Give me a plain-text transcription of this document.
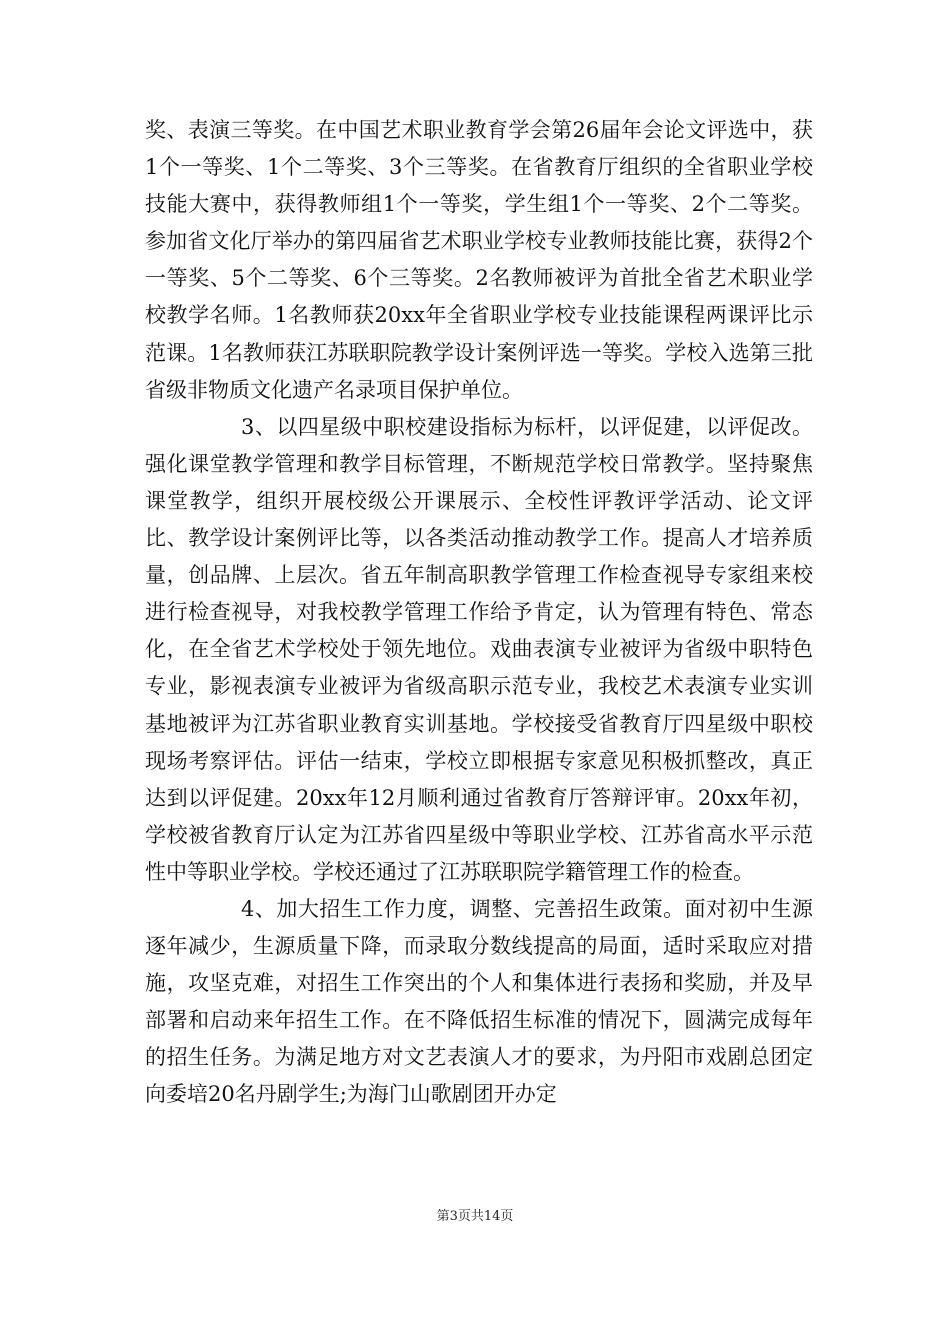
奖、表演三等奖。在中国艺术职业教育学会第26届年会论文评选中，获1个一等奖、1个二等奖、3个三等奖。在省教育厅组织的全省职业学校技能大赛中，获得教师组1个一等奖，学生组1个一等奖、2个二等奖。参加省文化厅举办的第四届省艺术职业学校专业教师技能比赛，获得2个一等奖、5个二等奖、6个三等奖。2名教师被评为首批全省艺术职业学校教学名师。1名教师获20xx年全省职业学校专业技能课程两课评比示范课。1名教师获江苏联职院教学设计案例评选一等奖。学校入选第三批省级非物质文化遗产名录项目保护单位。

3、以四星级中职校建设指标为标杆，以评促建，以评促改。强化课堂教学管理和教学目标管理，不断规范学校日常教学。坚持聚焦课堂教学，组织开展校级公开课展示、全校性评教评学活动、论文评比、教学设计案例评比等，以各类活动推动教学工作。提高人才培养质量，创品牌、上层次。省五年制高职教学管理工作检查视导专家组来校进行检查视导，对我校教学管理工作给予肯定，认为管理有特色、常态化，在全省艺术学校处于领先地位。戏曲表演专业被评为省级中职特色专业，影视表演专业被评为省级高职示范专业，我校艺术表演专业实训基地被评为江苏省职业教育实训基地。学校接受省教育厅四星级中职校现场考察评估。评估一结束，学校立即根据专家意见积极抓整改，真正达到以评促建。20xx年12月顺利通过省教育厅答辩评审。20xx年初，学校被省教育厅认定为江苏省四星级中等职业学校、江苏省高水平示范性中等职业学校。学校还通过了江苏联职院学籍管理工作的检查。

4、加大招生工作力度，调整、完善招生政策。面对初中生源逐年减少，生源质量下降，而录取分数线提高的局面，适时采取应对措施，攻坚克难，对招生工作突出的个人和集体进行表扬和奖励，并及早部署和启动来年招生工作。在不降低招生标准的情况下，圆满完成每年的招生任务。为满足地方对文艺表演人才的要求，为丹阳市戏剧总团定向委培20名丹剧学生;为海门山歌剧团开办定

第3页共14页
